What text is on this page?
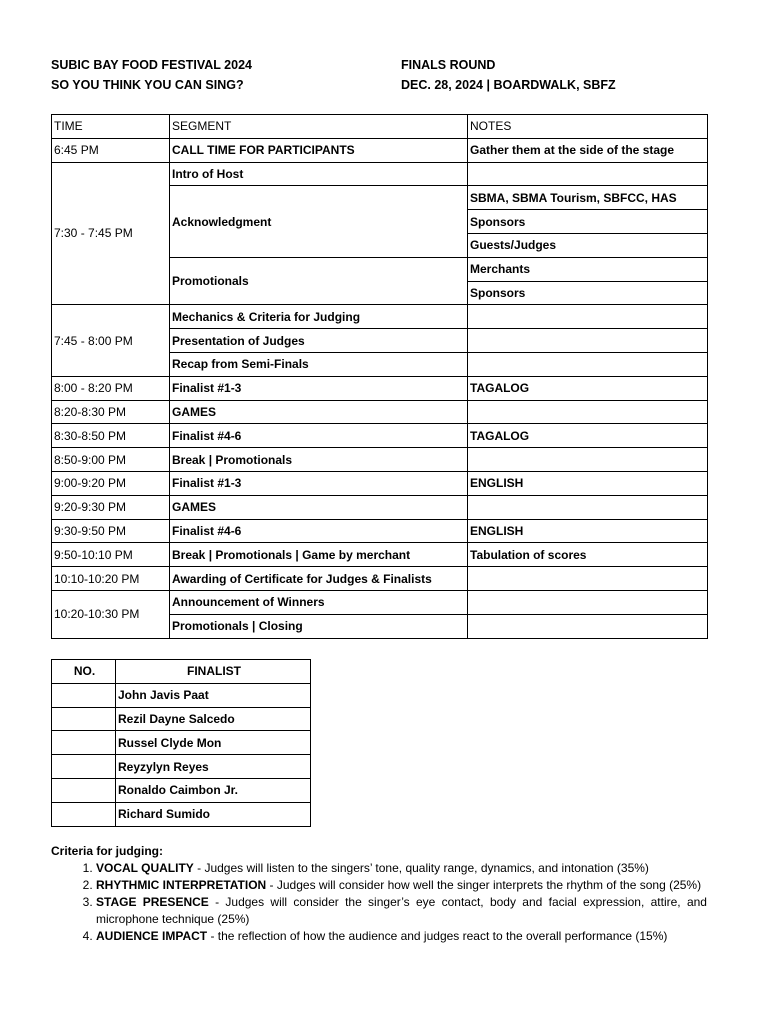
SUBIC BAY FOOD FESTIVAL 2024
SO YOU THINK YOU CAN SING?
FINALS ROUND
DEC. 28, 2024 | BOARDWALK, SBFZ
TIME	SEGMENT	NOTES
6:45 PM	CALL TIME FOR PARTICIPANTS	Gather them at the side of the stage
7:30 - 7:45 PM	Intro of Host	
	Acknowledgment	SBMA, SBMA Tourism, SBFCC, HAS
		Sponsors
		Guests/Judges
	Promotionals	Merchants
		Sponsors
7:45 - 8:00 PM	Mechanics & Criteria for Judging	
	Presentation of Judges	
	Recap from Semi-Finals	
8:00 - 8:20 PM	Finalist #1-3	TAGALOG
8:20-8:30 PM	GAMES	
8:30-8:50 PM	Finalist #4-6	TAGALOG
8:50-9:00 PM	Break | Promotionals	
9:00-9:20 PM	Finalist #1-3	ENGLISH
9:20-9:30 PM	GAMES	
9:30-9:50 PM	Finalist #4-6	ENGLISH
9:50-10:10 PM	Break | Promotionals | Game by merchant	Tabulation of scores
10:10-10:20 PM	Awarding of Certificate for Judges & Finalists	
10:20-10:30 PM	Announcement of Winners	
	Promotionals | Closing	
NO.	FINALIST
	John Javis Paat
	Rezil Dayne Salcedo
	Russel Clyde Mon
	Reyzylyn Reyes
	Ronaldo Caimbon Jr.
	Richard Sumido
Criteria for judging:
1. VOCAL QUALITY - Judges will listen to the singers’ tone, quality range, dynamics, and intonation (35%)
2. RHYTHMIC INTERPRETATION - Judges will consider how well the singer interprets the rhythm of the song (25%)
3. STAGE PRESENCE - Judges will consider the singer’s eye contact, body and facial expression, attire, and microphone technique (25%)
4. AUDIENCE IMPACT - the reflection of how the audience and judges react to the overall performance (15%)
